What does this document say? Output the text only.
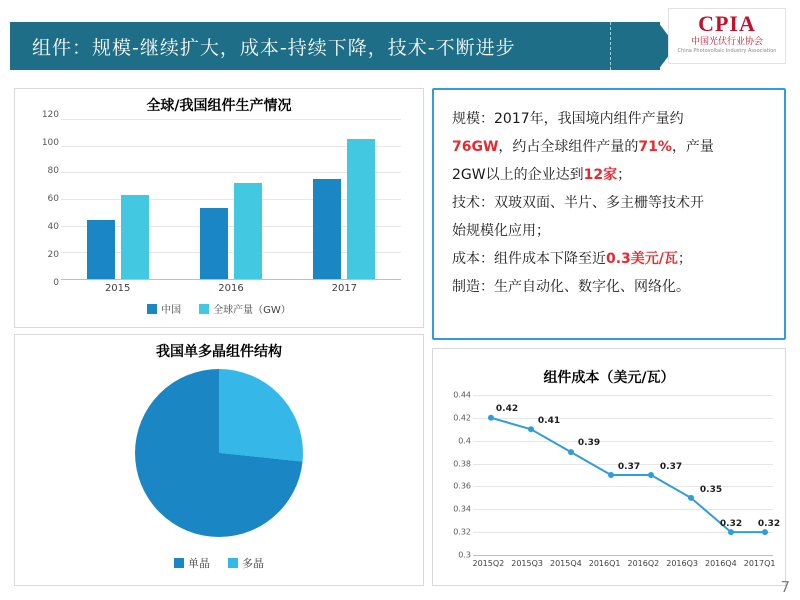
组件：规模-继续扩大，成本-持续下降，技术-不断进步
CPIA
中国光伏行业协会
China Photovoltaic Industry Association
全球/我国组件生产情况
120
100
80
60
40
20
0	2015	2016	2017
中国	全球产量（GW）
我国单多晶组件结构
单晶	多晶

规模：2017年，我国境内组件产量约

76GW，约占全球组件产量的71%，产量

2GW以上的企业达到12家；

技术：双玻双面、半片、多主栅等技术开

始规模化应用；

成本：组件成本下降至近0.3美元/瓦；

制造：生产自动化、数字化、网络化。

组件成本（美元/瓦）
0.44
0.42
0.4
0.38
0.36
0.34
0.32
0.3
0.42
0.41
0.39
0.37 0.37
0.35
0.32 0.32
2015Q2 2015Q3 2015Q4 2016Q1 2016Q2 2016Q3 2016Q4 2017Q1
7
